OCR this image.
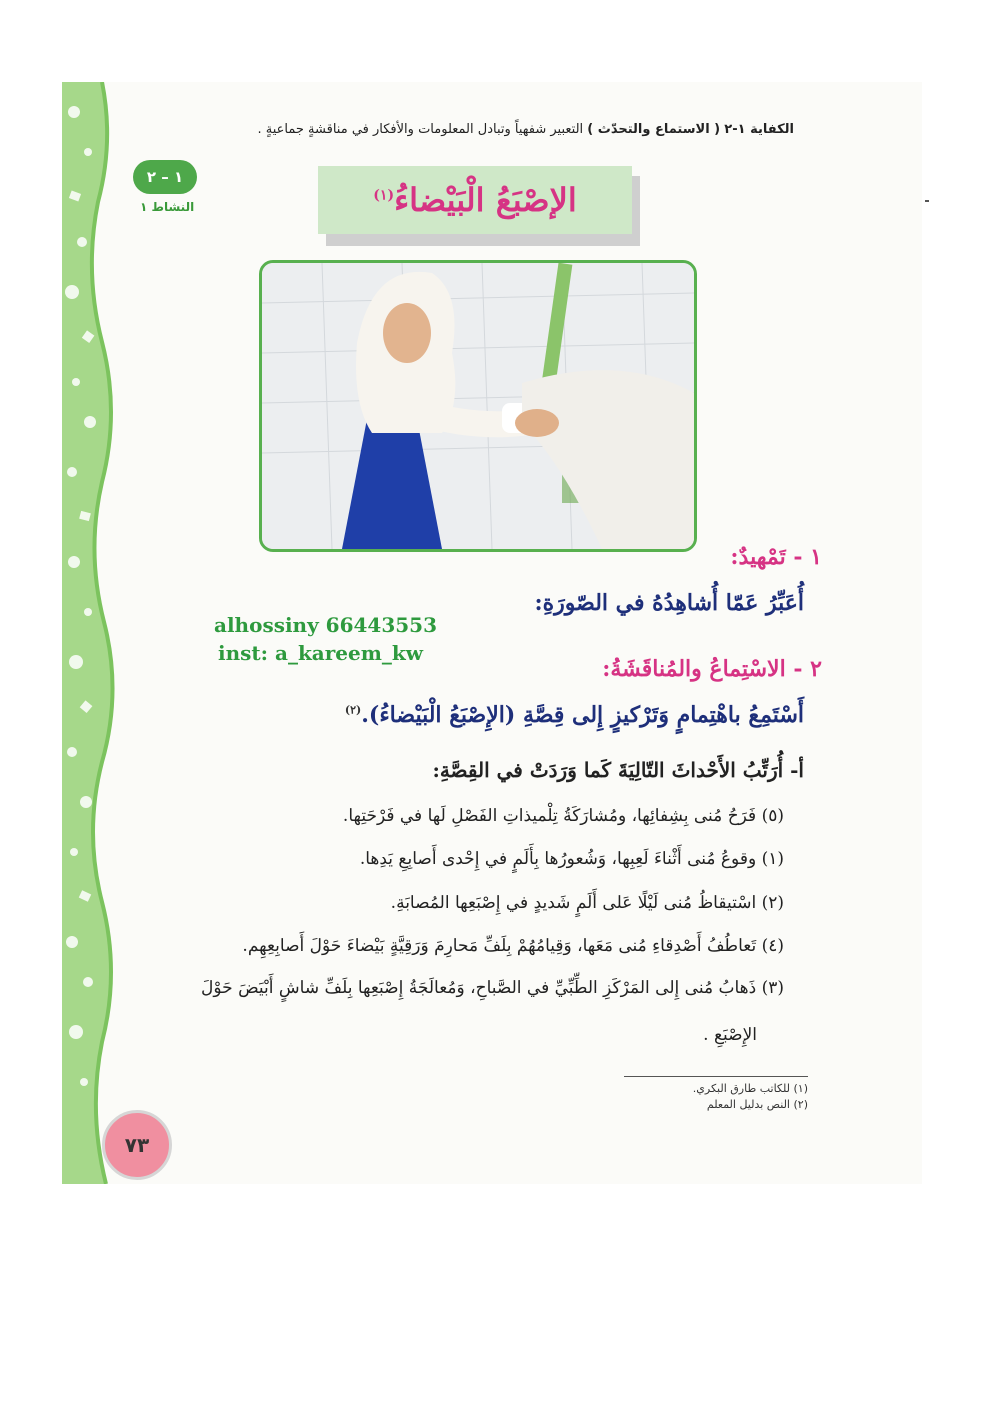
الكفاية ١-٢ ( الاستماع والتحدّث ) التعبير شفهياً وتبادل المعلومات والأفكار في مناقشةٍ جماعيةٍ .
١ – ٢
النشاط ١	الإصْبَعُ الْبَيْضاءُ$^{(١)}$
١ - تَمْهيدٌ:
أُعَبِّرُ عَمّا أُشاهِدُهُ في الصّورَةِ:
alhossiny 66443553
inst: a_kareem_kw
٢ - الاسْتِماعُ والمُناقَشَةُ:
أَسْتَمِعُ باهْتِمامٍ وَتَرْكيزٍ إِلى قِصَّةِ (الإِصْبَعُ الْبَيْضاءُ).$^{(٢)}$
أ- أُرَتِّبُ الأَحْداثَ التّالِيَةَ كَما وَرَدَتْ في القِصَّةِ:
(٥) فَرَحُ مُنى بِشِفائِها، ومُشارَكَةُ تِلْميذاتِ الفَصْلِ لَها في فَرْحَتِها.
(١) وقوعُ مُنى أَثْناءَ لَعِبِها، وَشُعورُها بِأَلَمٍ في إِحْدى أَصابِعِ يَدِها.
(٢) اسْتيقاظُ مُنى لَيْلًا عَلى أَلَمٍ شَديدٍ في إِصْبَعِها المُصابَةِ.
(٤) تَعاطُفُ أَصْدِقاءِ مُنى مَعَها، وَقِيامُهُمْ بِلَفِّ مَحارِمَ وَرَقِيَّةٍ بَيْضاءَ حَوْلَ أَصابِعِهِم.
(٣) ذَهابُ مُنى إِلى المَرْكَزِ الطِّبِّيِّ في الصَّباحِ، وَمُعالَجَةُ إِصْبَعِها بِلَفِّ شاشٍ أَبْيَضَ حَوْلَ
الإِصْبَعِ .
(١) للكاتب طارق البكري.
(٢) النص بدليل المعلم
٧٣
